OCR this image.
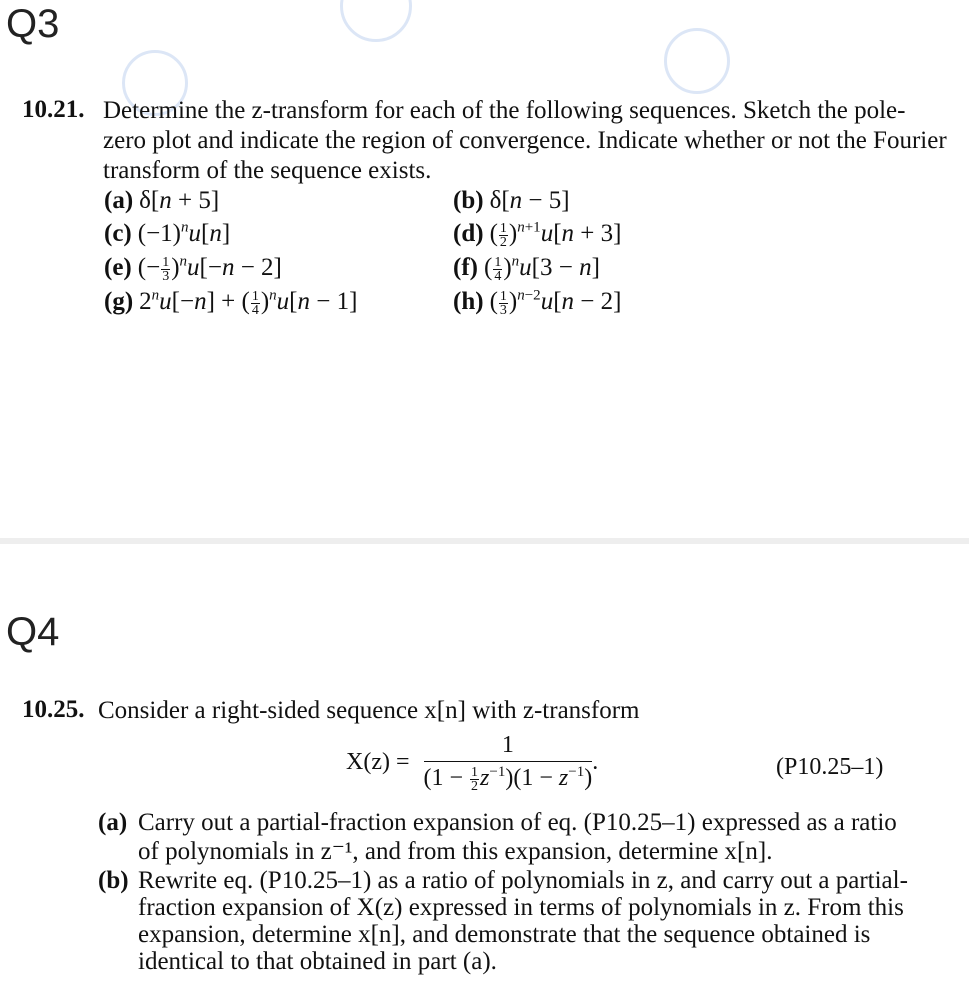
Q3
10.21. Determine the z-transform for each of the following sequences. Sketch the pole-
zero plot and indicate the region of convergence. Indicate whether or not the Fourier
transform of the sequence exists.
(a) δ[n + 5]	(b) δ[n − 5]
(c) $(-1)^nu[n]$	(d) ( $\frac{1}{2} )^{n+1}u[n + 3]$
(e) (− $\frac{1}{3} )^nu[-n - 2]$	(f) ( $\frac{1}{4} )^nu[3 - n]$
(g) $2^nu[-n]$ + ( $\frac{1}{4} )^nu[n - 1]$	(h) ( $\frac{1}{3} )^{n-2}u[n - 2]$
Q4
10.25. Consider a right-sided sequence x[n] with z-transform
$X(z) = \frac{1}{(1 - \frac{1}{2} z^{-1})(1 - z^{-1})}$ .	(P10.25–1)
(a) Carry out a partial-fraction expansion of eq. (P10.25–1) expressed as a ratio
of polynomials in z⁻¹, and from this expansion, determine x[n].
(b) Rewrite eq. (P10.25–1) as a ratio of polynomials in z, and carry out a partial-
fraction expansion of X(z) expressed in terms of polynomials in z. From this
expansion, determine x[n], and demonstrate that the sequence obtained is
identical to that obtained in part (a).
